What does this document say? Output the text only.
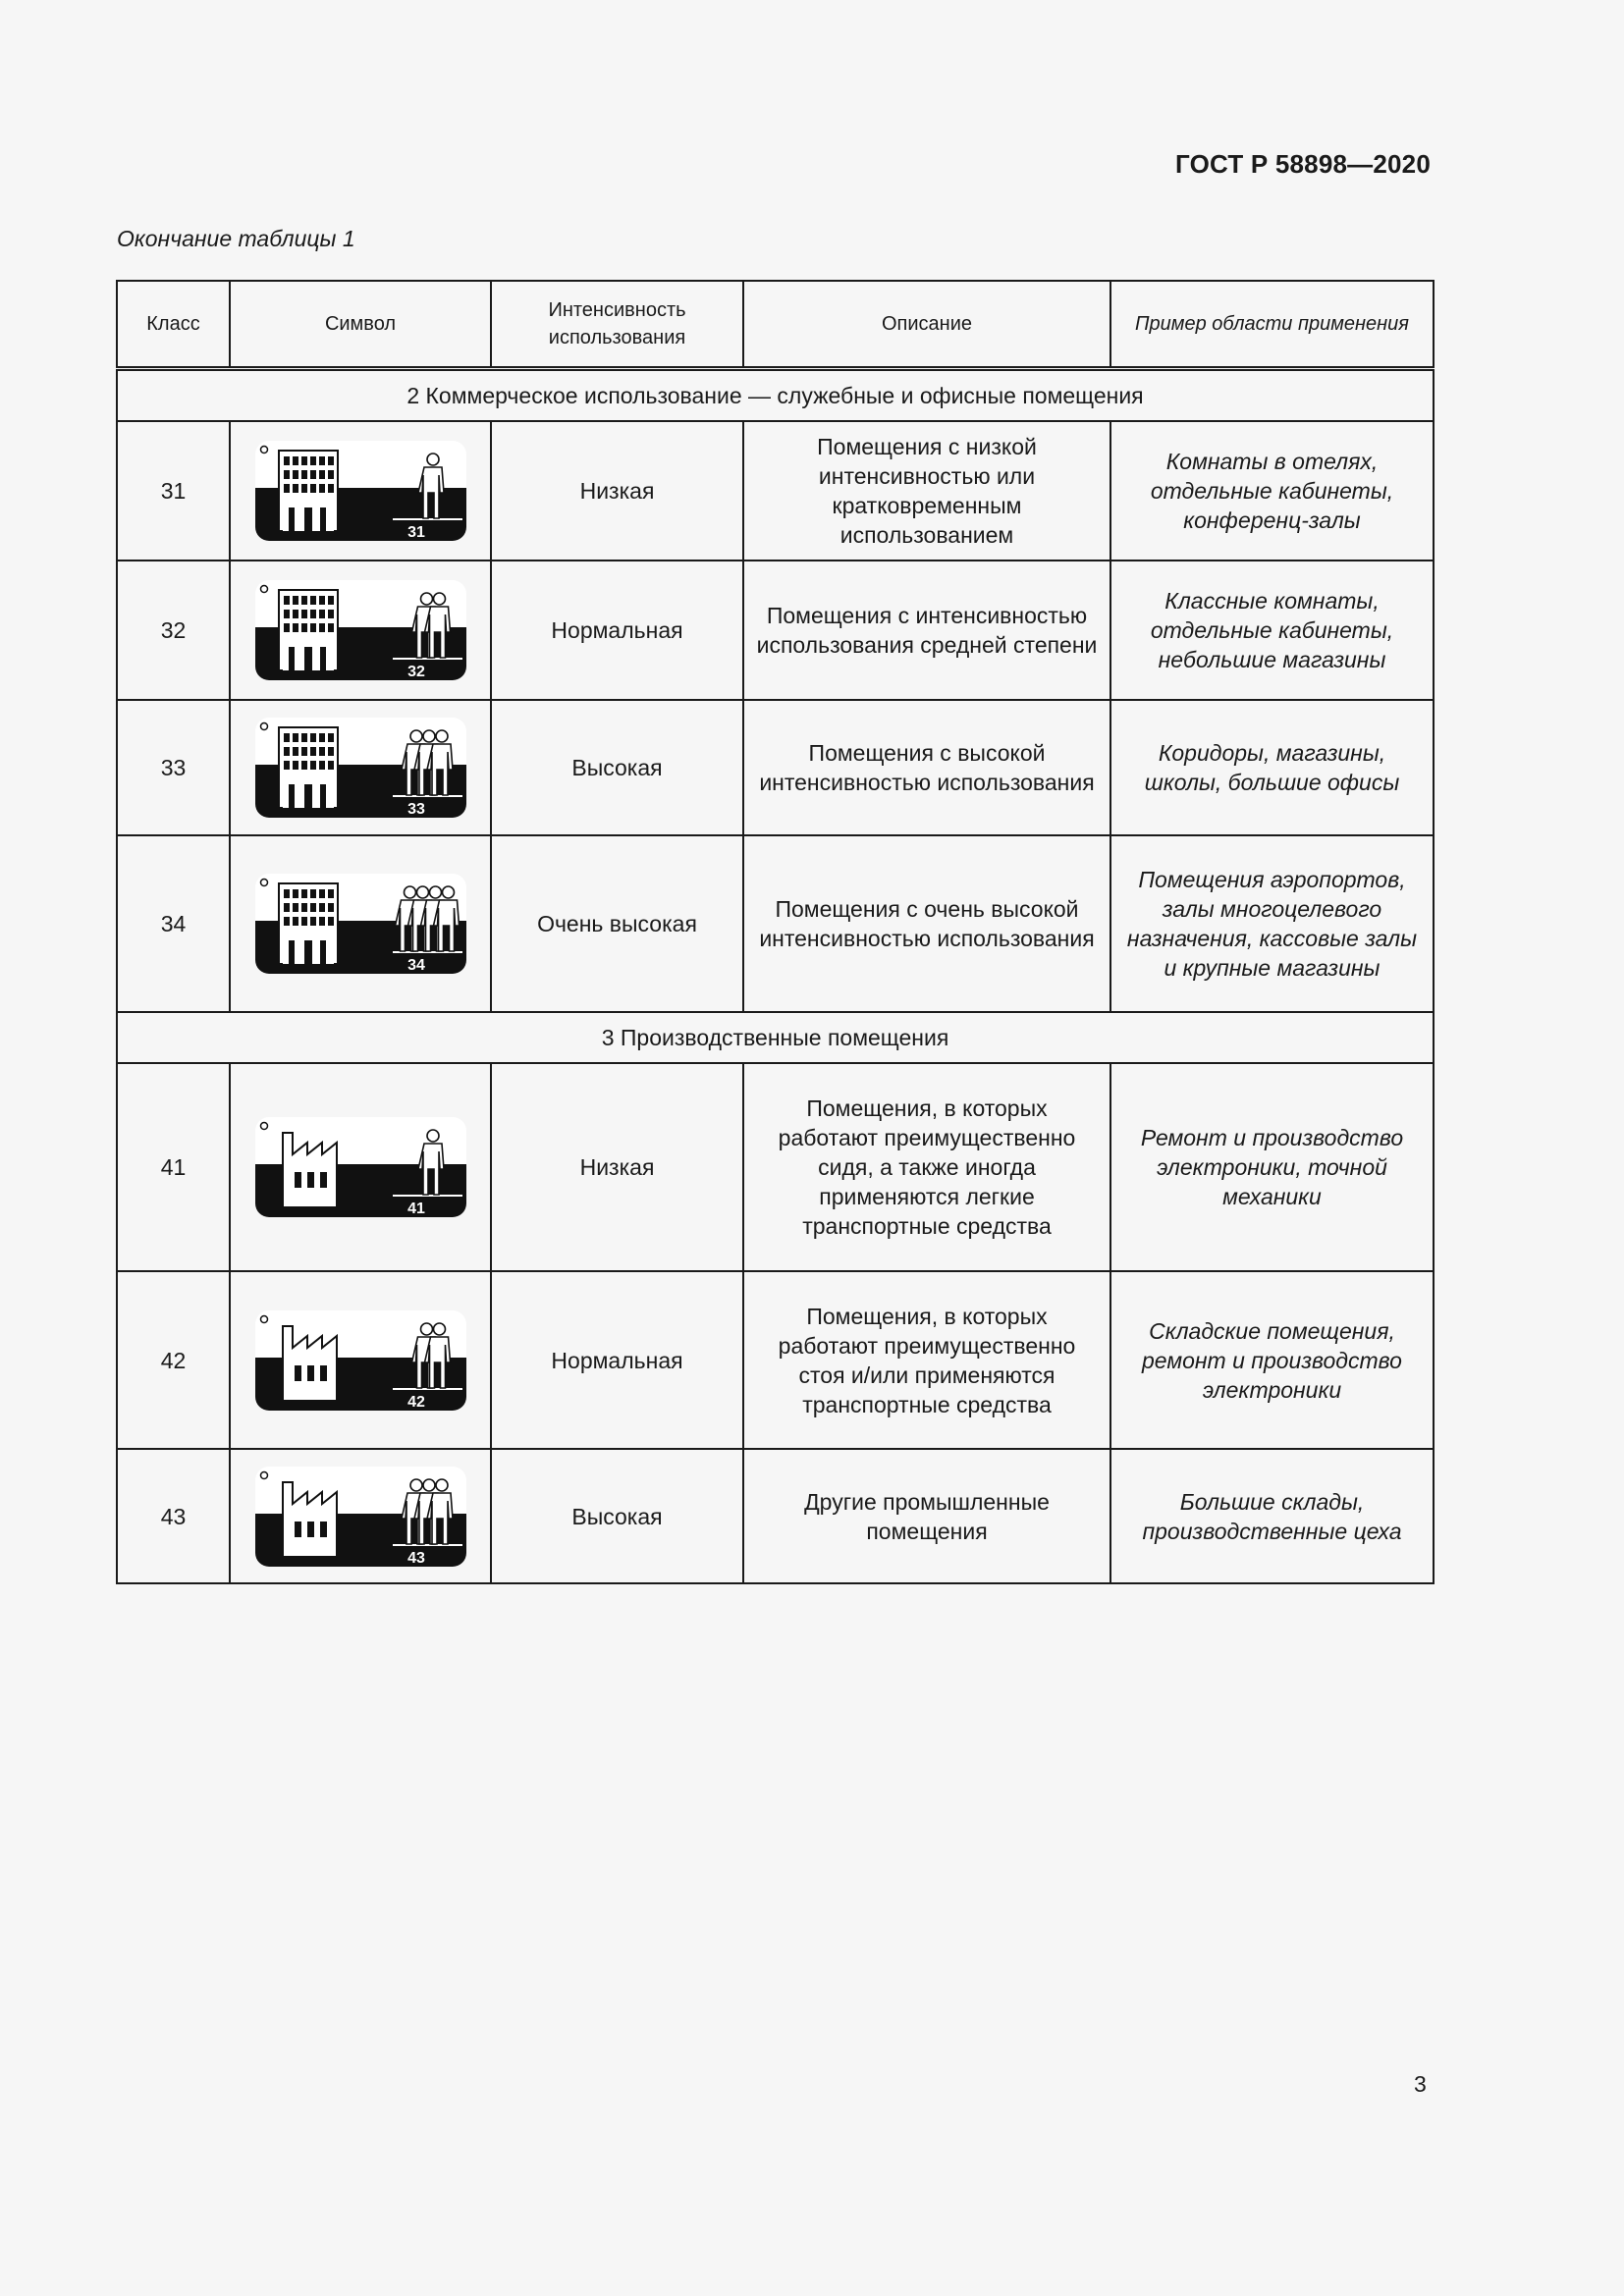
ГОСТ Р 58898—2020
Окончание таблицы 1
Класс	Символ	Интенсивность использования	Описание	Пример области применения
2 Коммерческое использование — служебные и офисные помещения				
31	31	Низкая	Помещения с низкой интенсивностью или кратковременным использованием	Комнаты в отелях, отдельные кабинеты, конференц-залы
32	32	Нормальная	Помещения с интенсивностью использования средней степени	Классные комнаты, отдельные кабинеты, небольшие магазины
33	33	Высокая	Помещения с высокой интенсивностью использования	Коридоры, магазины, школы, большие офисы
34	34	Очень высокая	Помещения с очень высокой интенсивностью использования	Помещения аэропортов, залы многоцелевого назначения, кассовые залы и крупные магазины
3 Производственные помещения				
41	41	Низкая	Помещения, в которых работают преимущественно сидя, а также иногда применяются легкие транспортные средства	Ремонт и производство электроники, точной механики
42	42	Нормальная	Помещения, в которых работают преимущественно стоя и/или применяются транспортные средства	Складские помещения, ремонт и производство электроники
43	43	Высокая	Другие промышленные помещения	Большие склады, производственные цеха
3
